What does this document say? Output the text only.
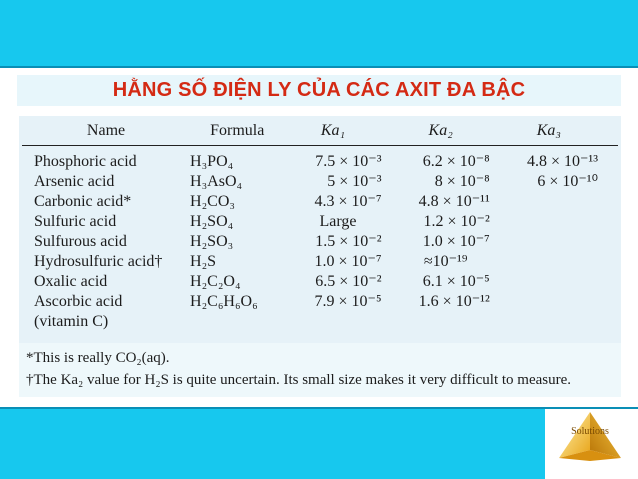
HẰNG SỐ ĐIỆN LY CỦA CÁC AXIT ĐA BẬC
Name	Formula	Ka₁	Ka₂	Ka₃
Phosphoric acid	H₃PO₄	7.5 × 10⁻³	6.2 × 10⁻⁸	4.8 × 10⁻¹³
Arsenic acid	H₃AsO₄	5 × 10⁻³	8 × 10⁻⁸	6 × 10⁻¹⁰
Carbonic acid*	H₂CO₃	4.3 × 10⁻⁷	4.8 × 10⁻¹¹	
Sulfuric acid	H₂SO₄	Large	1.2 × 10⁻²	
Sulfurous acid	H₂SO₃	1.5 × 10⁻²	1.0 × 10⁻⁷	
Hydrosulfuric acid†	H₂S	1.0 × 10⁻⁷	≈10⁻¹⁹	
Oxalic acid	H₂C₂O₄	6.5 × 10⁻²	6.1 × 10⁻⁵	
Ascorbic acid	H₂C₆H₆O₆	7.9 × 10⁻⁵	1.6 × 10⁻¹²	
(vitamin C)				
*This is really CO₂(aq).
†The Ka₂ value for H₂S is quite uncertain. Its small size makes it very difficult to measure.
Solutions
